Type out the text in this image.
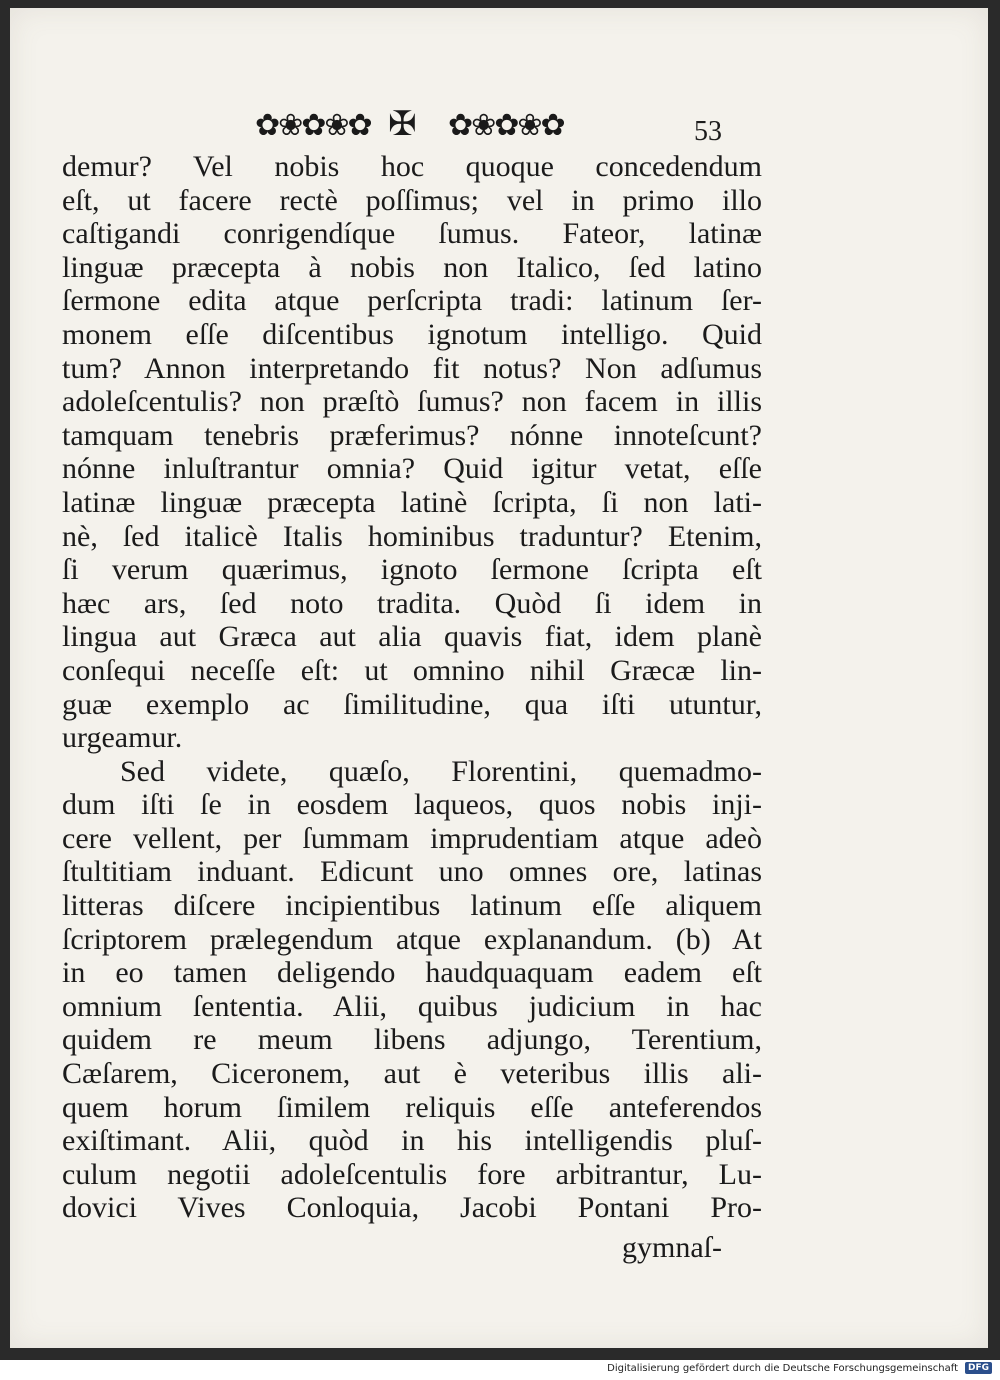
✿❀✿❀✿ ✠ ✿❀✿❀✿	53
demur? Vel nobis hoc quoque concedendum
eſt, ut facere rectè poſſimus; vel in primo illo
caſtigandi conrigendíque ſumus. Fateor, latinæ
linguæ præcepta à nobis non Italico, ſed latino
ſermone edita atque perſcripta tradi: latinum ſer-
monem eſſe diſcentibus ignotum intelligo. Quid
tum? Annon interpretando fit notus? Non adſumus
adoleſcentulis? non præſtò ſumus? non facem in illis
tamquam tenebris præferimus? nónne innoteſcunt?
nónne inluſtrantur omnia? Quid igitur vetat, eſſe
latinæ linguæ præcepta latinè ſcripta, ſi non lati-
nè, ſed italicè Italis hominibus traduntur? Etenim,
ſi verum quærimus, ignoto ſermone ſcripta eſt
hæc ars, ſed noto tradita. Quòd ſi idem in
lingua aut Græca aut alia quavis fiat, idem planè
conſequi neceſſe eſt: ut omnino nihil Græcæ lin-
guæ exemplo ac ſimilitudine, qua iſti utuntur,
urgeamur.
Sed videte, quæſo, Florentini, quemadmo-
dum iſti ſe in eosdem laqueos, quos nobis inji-
cere vellent, per ſummam imprudentiam atque adeò
ſtultitiam induant. Edicunt uno omnes ore, latinas
litteras diſcere incipientibus latinum eſſe aliquem
ſcriptorem prælegendum atque explanandum. (b) At
in eo tamen deligendo haudquaquam eadem eſt
omnium ſententia. Alii, quibus judicium in hac
quidem re meum libens adjungo, Terentium,
Cæſarem, Ciceronem, aut è veteribus illis ali-
quem horum ſimilem reliquis eſſe anteferendos
exiſtimant. Alii, quòd in his intelligendis pluſ-
culum negotii adoleſcentulis fore arbitrantur, Lu-
dovici Vives Conloquia, Jacobi Pontani Pro-
gymnaſ-
Digitalisierung gefördert durch die Deutsche Forschungsgemeinschaft	DFG
